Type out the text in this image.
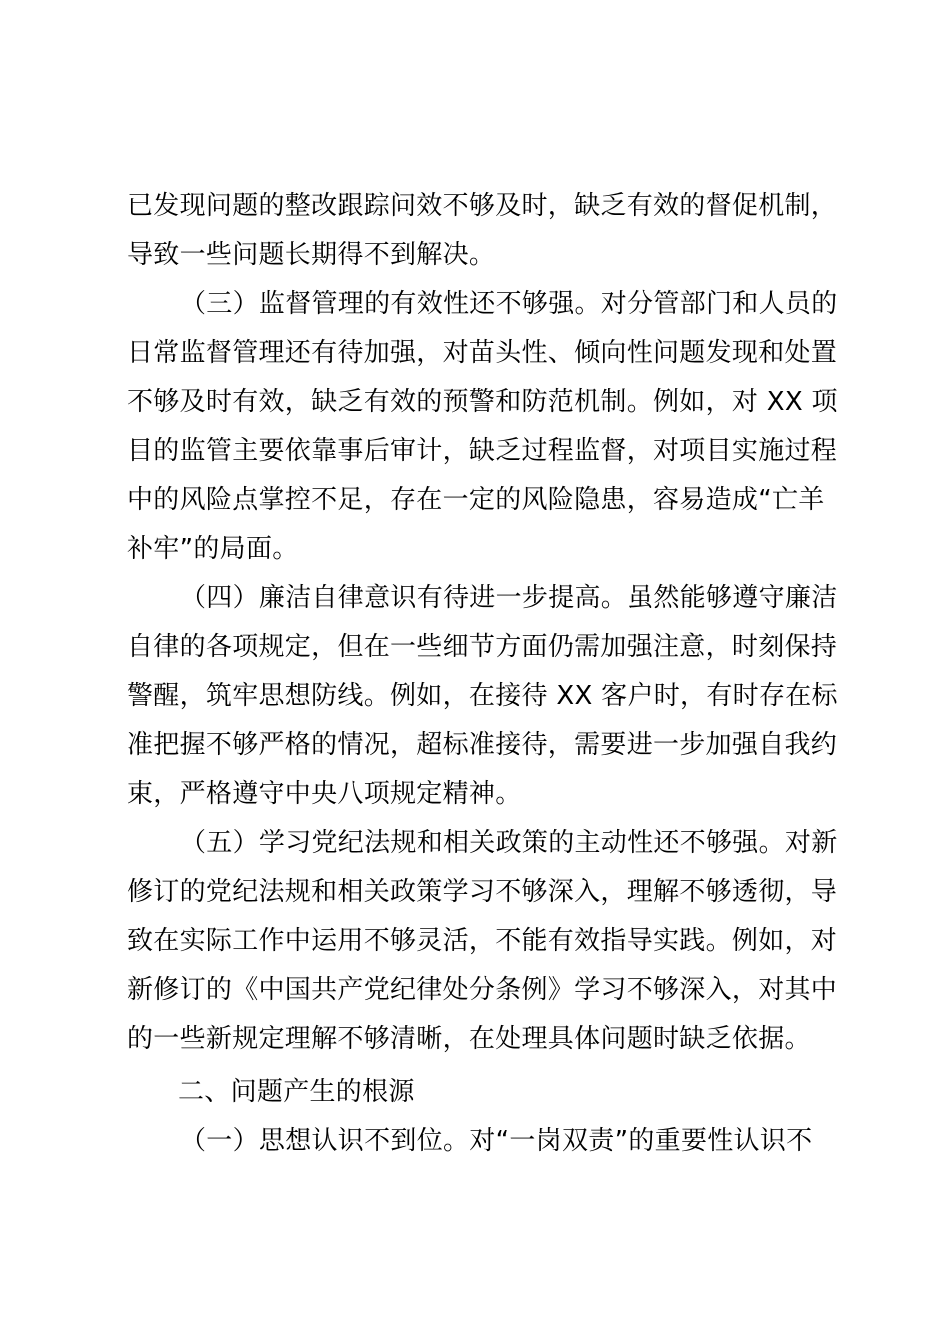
已发现问题的整改跟踪问效不够及时，缺乏有效的督促机制，
导致一些问题长期得不到解决。
（三）监督管理的有效性还不够强。对分管部门和人员的
日常监督管理还有待加强，对苗头性、倾向性问题发现和处置
不够及时有效，缺乏有效的预警和防范机制。例如，对 XX 项
目的监管主要依靠事后审计，缺乏过程监督，对项目实施过程
中的风险点掌控不足，存在一定的风险隐患，容易造成“亡羊
补牢”的局面。
（四）廉洁自律意识有待进一步提高。虽然能够遵守廉洁
自律的各项规定，但在一些细节方面仍需加强注意，时刻保持
警醒，筑牢思想防线。例如，在接待 XX 客户时，有时存在标
准把握不够严格的情况，超标准接待，需要进一步加强自我约
束，严格遵守中央八项规定精神。
（五）学习党纪法规和相关政策的主动性还不够强。对新
修订的党纪法规和相关政策学习不够深入，理解不够透彻，导
致在实际工作中运用不够灵活，不能有效指导实践。例如，对
新修订的《中国共产党纪律处分条例》学习不够深入，对其中
的一些新规定理解不够清晰，在处理具体问题时缺乏依据。
二、问题产生的根源
（一）思想认识不到位。对“一岗双责”的重要性认识不
